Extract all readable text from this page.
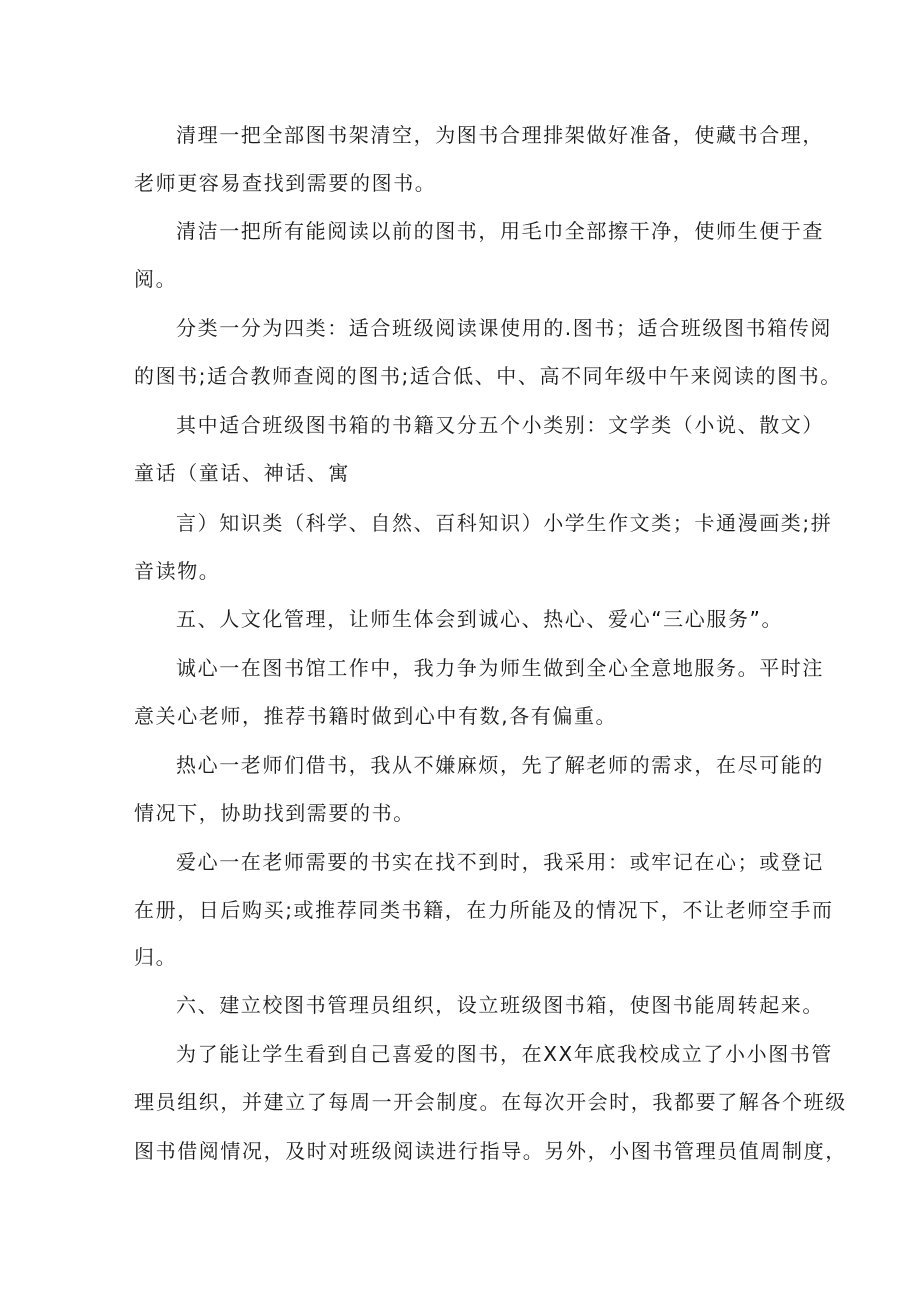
清理一把全部图书架清空，为图书合理排架做好准备，使藏书合理，
老师更容易查找到需要的图书。
清洁一把所有能阅读以前的图书，用毛巾全部擦干净，使师生便于查
阅。
分类一分为四类：适合班级阅读课使用的.图书；适合班级图书箱传阅
的图书;适合教师查阅的图书;适合低、中、高不同年级中午来阅读的图书。
其中适合班级图书箱的书籍又分五个小类别：文学类（小说、散文）
童话（童话、神话、寓
言）知识类（科学、自然、百科知识）小学生作文类；卡通漫画类;拼
音读物。
五、人文化管理，让师生体会到诚心、热心、爱心“三心服务”。
诚心一在图书馆工作中，我力争为师生做到全心全意地服务。平时注
意关心老师，推荐书籍时做到心中有数,各有偏重。
热心一老师们借书，我从不嫌麻烦，先了解老师的需求，在尽可能的
情况下，协助找到需要的书。
爱心一在老师需要的书实在找不到时，我采用：或牢记在心；或登记
在册，日后购买;或推荐同类书籍，在力所能及的情况下，不让老师空手而
归。
六、建立校图书管理员组织，设立班级图书箱，使图书能周转起来。
为了能让学生看到自己喜爱的图书，在XX年底我校成立了小小图书管
理员组织，并建立了每周一开会制度。在每次开会时，我都要了解各个班级
图书借阅情况，及时对班级阅读进行指导。另外，小图书管理员值周制度，
